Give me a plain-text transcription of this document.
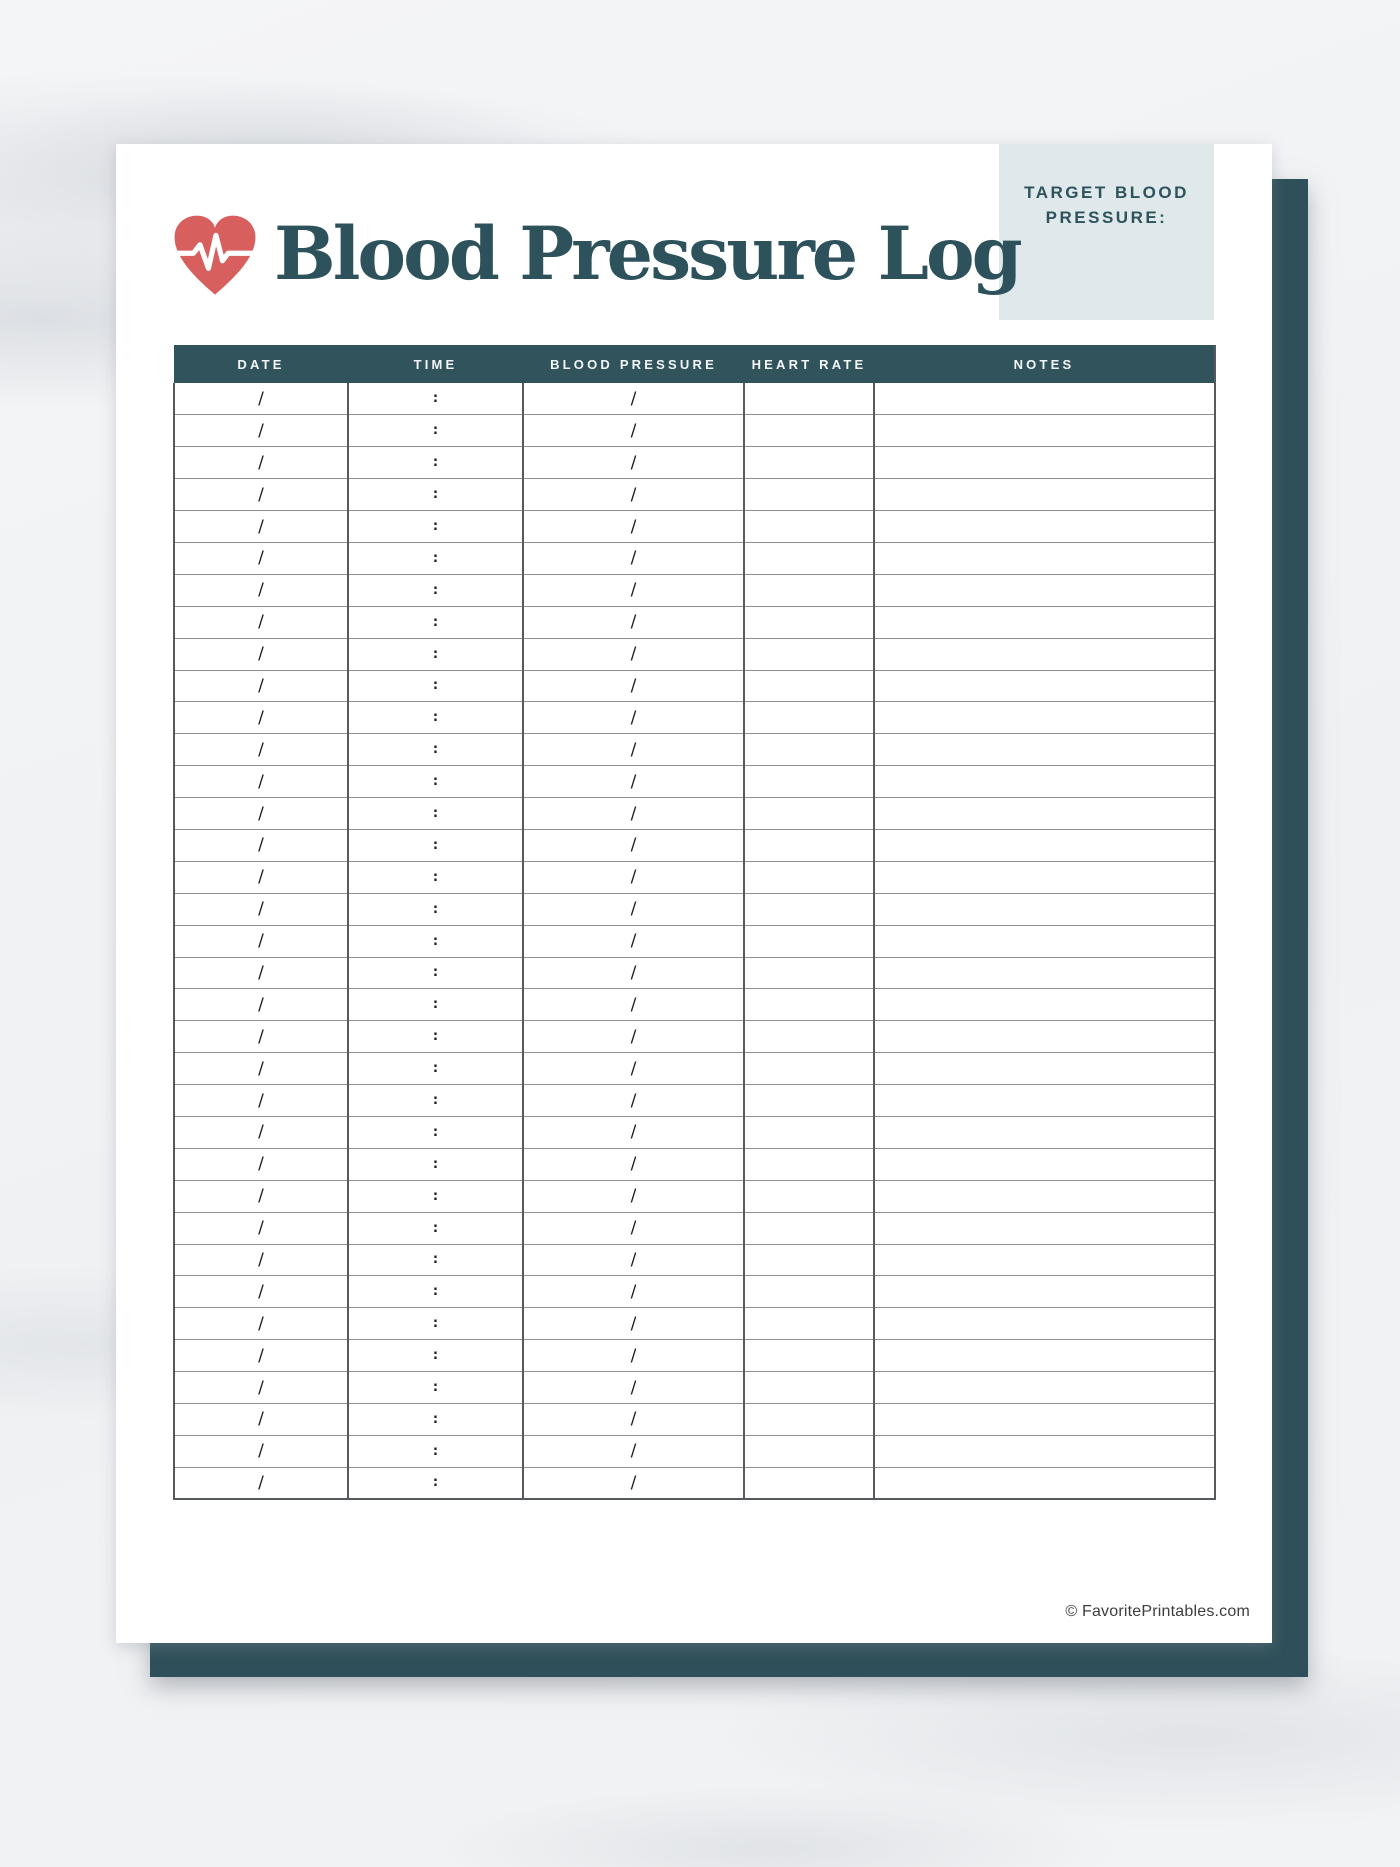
TARGET BLOOD
PRESSURE:
Blood Pressure Log
DATE	TIME	BLOOD PRESSURE	HEART RATE	NOTES
/	:	/		
/	:	/		
/	:	/		
/	:	/		
/	:	/		
/	:	/		
/	:	/		
/	:	/		
/	:	/		
/	:	/		
/	:	/		
/	:	/		
/	:	/		
/	:	/		
/	:	/		
/	:	/		
/	:	/		
/	:	/		
/	:	/		
/	:	/		
/	:	/		
/	:	/		
/	:	/		
/	:	/		
/	:	/		
/	:	/		
/	:	/		
/	:	/		
/	:	/		
/	:	/		
/	:	/		
/	:	/		
/	:	/		
/	:	/		
/	:	/		
© FavoritePrintables.com
